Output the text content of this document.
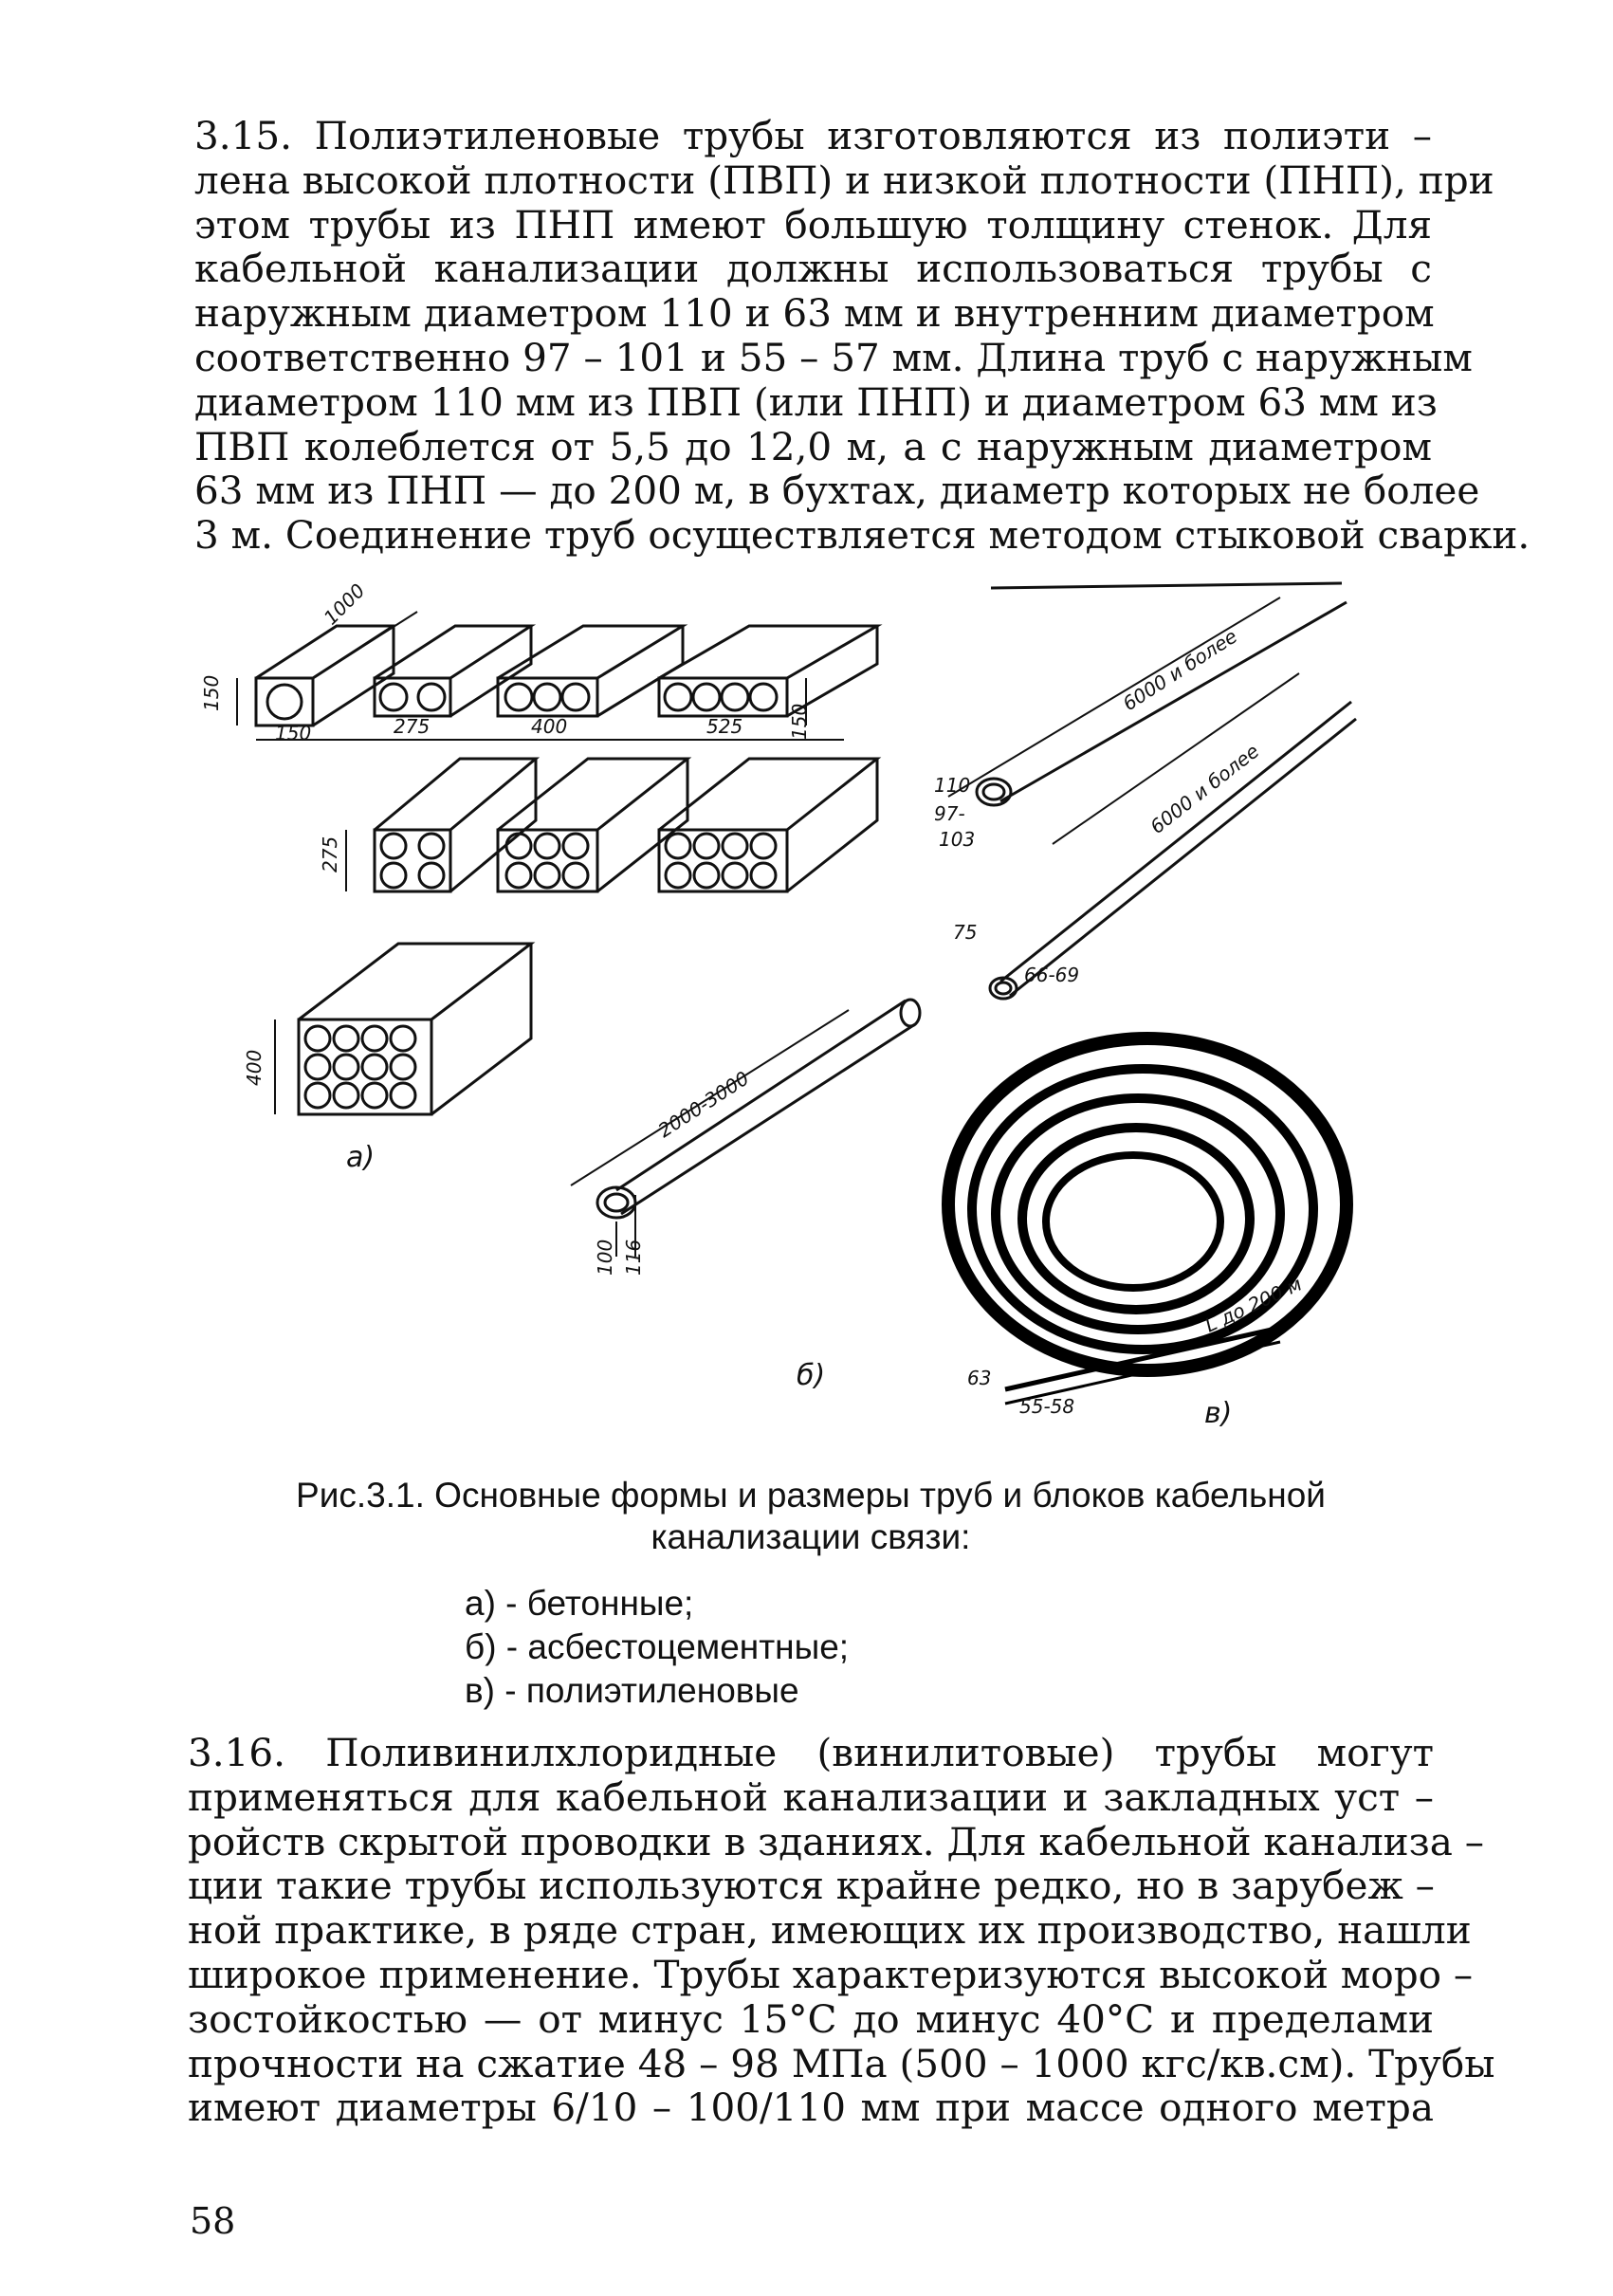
3.15. Полиэтиленовые трубы изготовляются из полиэти –
лена высокой плотности (ПВП) и низкой плотности (ПНП), при
этом трубы из ПНП имеют большую толщину стенок. Для
кабельной канализации должны использоваться трубы с
наружным диаметром 110 и 63 мм и внутренним диаметром
соответственно 97 – 101 и 55 – 57 мм. Длина труб с наружным
диаметром 110 мм из ПВП (или ПНП) и диаметром 63 мм из
ПВП колеблется от 5,5 до 12,0 м, а с наружным диаметром
63 мм из ПНП — до 200 м, в бухтах, диаметр которых не более
3 м. Соединение труб осуществляется методом стыковой сварки.
1000
150
150	275	400	525 150
275
400	2000-3000
100 116
6000 и более
6000 и более
110
97-
103
75
66-69
L до 200 м
63
55-58
а)
б)
в)
Рис.3.1. Основные формы и размеры труб и блоков кабельной
канализации связи:
а) - бетонные;
б) - асбестоцементные;
в) - полиэтиленовые
3.16. Поливинилхлоридные (винилитовые) трубы могут
применяться для кабельной канализации и закладных уст –
ройств скрытой проводки в зданиях. Для кабельной канализа –
ции такие трубы используются крайне редко, но в зарубеж –
ной практике, в ряде стран, имеющих их производство, нашли
широкое применение. Трубы характеризуются высокой моро –
зостойкостью — от минус 15°С до минус 40°С и пределами
прочности на сжатие 48 – 98 МПа (500 – 1000 кгс/кв.см). Трубы
имеют диаметры 6/10 – 100/110 мм при массе одного метра
58
